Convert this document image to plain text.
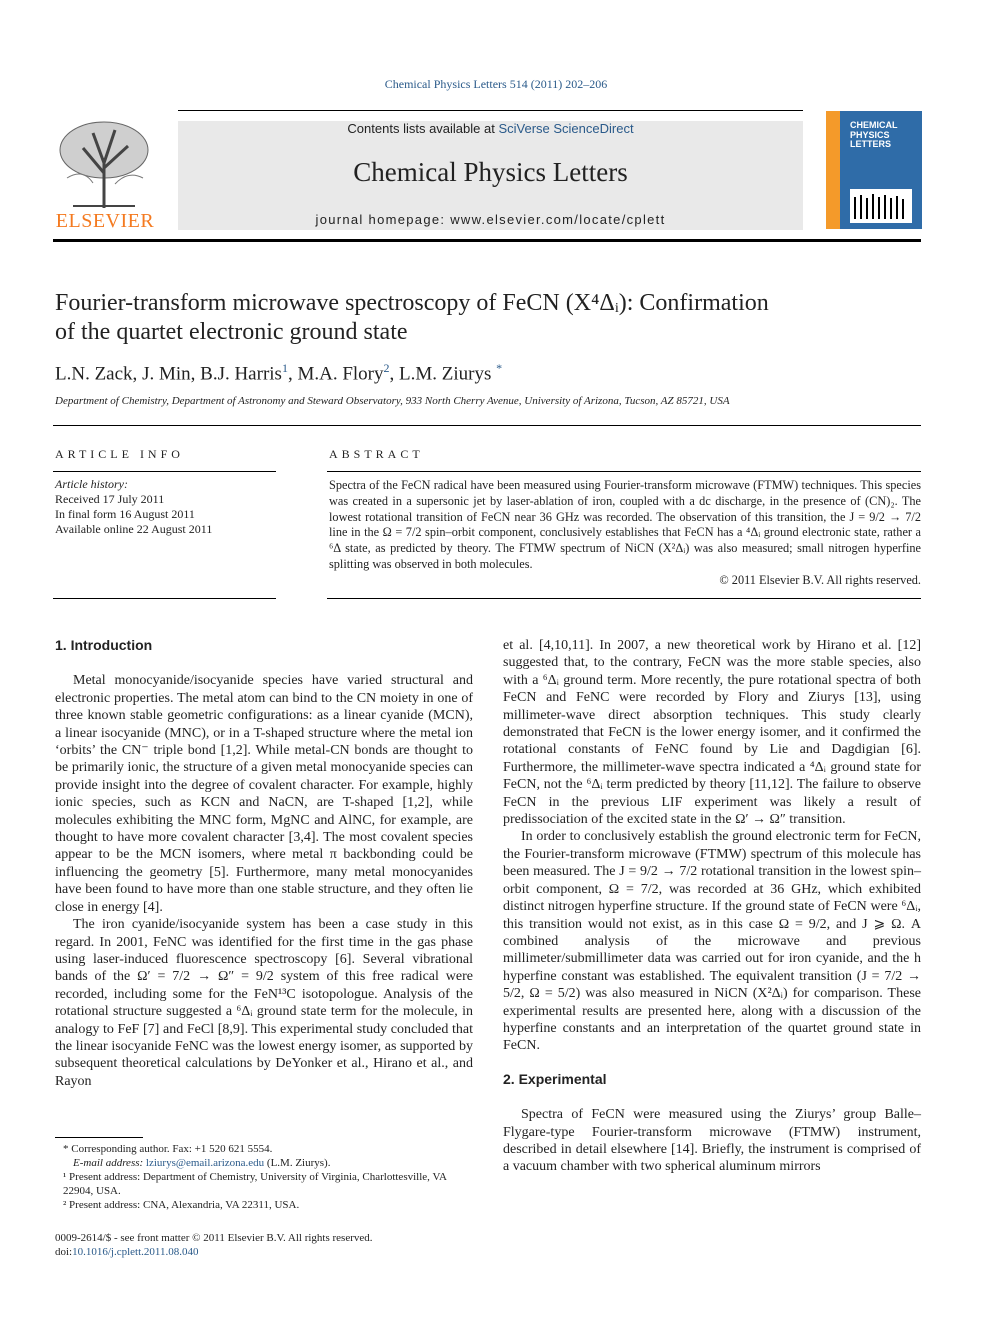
Chemical Physics Letters 514 (2011) 202–206
ELSEVIER
Contents lists available at SciVerse ScienceDirect
Chemical Physics Letters
journal homepage: www.elsevier.com/locate/cplett
CHEMICAL
PHYSICS
LETTERS
Fourier-transform microwave spectroscopy of FeCN (X⁴Δᵢ): Confirmation
of the quartet electronic ground state
L.N. Zack, J. Min, B.J. Harris$^1$, M.A. Flory$^2$, L.M. Ziurys *
Department of Chemistry, Department of Astronomy and Steward Observatory, 933 North Cherry Avenue, University of Arizona, Tucson, AZ 85721, USA
ARTICLE INFO
Article history:
Received 17 July 2011
In final form 16 August 2011
Available online 22 August 2011
ABSTRACT
Spectra of the FeCN radical have been measured using Fourier-transform microwave (FTMW) techniques. This species was created in a supersonic jet by laser-ablation of iron, coupled with a dc discharge, in the presence of (CN)₂. The lowest rotational transition of FeCN near 36 GHz was recorded. The observation of this transition, the J = 9/2 → 7/2 line in the Ω = 7/2 spin–orbit component, conclusively establishes that FeCN has a ⁴Δᵢ ground electronic state, rather a ⁶Δ state, as predicted by theory. The FTMW spectrum of NiCN (X²Δᵢ) was also measured; small nitrogen hyperfine splitting was observed in both molecules.
© 2011 Elsevier B.V. All rights reserved.
1. Introduction

Metal monocyanide/isocyanide species have varied structural and electronic properties. The metal atom can bind to the CN moiety in one of three known stable geometric configurations: as a linear cyanide (MCN), a linear isocyanide (MNC), or in a T-shaped structure where the metal ion ‘orbits’ the CN⁻ triple bond [1,2]. While metal-CN bonds are thought to be primarily ionic, the structure of a given metal monocyanide species can provide insight into the degree of covalent character. For example, highly ionic species, such as KCN and NaCN, are T-shaped [1,2], while molecules exhibiting the MNC form, MgNC and AlNC, for example, are thought to have more covalent character [3,4]. The most covalent species appear to be the MCN isomers, where metal π backbonding could be influencing the geometry [5]. Furthermore, many metal monocyanides have been found to have more than one stable structure, and they often lie close in energy [4].

The iron cyanide/isocyanide system has been a case study in this regard. In 2001, FeNC was identified for the first time in the gas phase using laser-induced fluorescence spectroscopy [6]. Several vibrational bands of the Ω′ = 7/2 → Ω″ = 9/2 system of this free radical were recorded, including some for the FeN¹³C isotopologue. Analysis of the rotational structure suggested a ⁶Δᵢ ground state term for the molecule, in analogy to FeF [7] and FeCl [8,9]. This experimental study concluded that the linear isocyanide FeNC was the lowest energy isomer, as supported by subsequent theoretical calculations by DeYonker et al., Hirano et al., and Rayon

et al. [4,10,11]. In 2007, a new theoretical work by Hirano et al. [12] suggested that, to the contrary, FeCN was the more stable species, also with a ⁶Δᵢ ground term. More recently, the pure rotational spectra of both FeCN and FeNC were recorded by Flory and Ziurys [13], using millimeter-wave direct absorption techniques. This study clearly demonstrated that FeCN is the lower energy isomer, and it confirmed the rotational constants of FeNC found by Lie and Dagdigian [6]. Furthermore, the millimeter-wave spectra indicated a ⁴Δᵢ ground state for FeCN, not the ⁶Δᵢ term predicted by theory [11,12]. The failure to observe FeCN in the previous LIF experiment was likely a result of predissociation of the excited state in the Ω′ → Ω″ transition.

In order to conclusively establish the ground electronic term for FeCN, the Fourier-transform microwave (FTMW) spectrum of this molecule has been measured. The J = 9/2 → 7/2 rotational transition in the lowest spin–orbit component, Ω = 7/2, was recorded at 36 GHz, which exhibited distinct nitrogen hyperfine structure. If the ground state of FeCN were ⁶Δᵢ, this transition would not exist, as in this case Ω = 9/2, and J ⩾ Ω. A combined analysis of the microwave and previous millimeter/submillimeter data was carried out for iron cyanide, and the h hyperfine constant was established. The equivalent transition (J = 7/2 → 5/2, Ω = 5/2) was also measured in NiCN (X²Δᵢ) for comparison. These experimental results are presented here, along with a discussion of the hyperfine constants and an interpretation of the quartet ground state in FeCN.

2. Experimental

Spectra of FeCN were measured using the Ziurys’ group Balle–Flygare-type Fourier-transform microwave (FTMW) instrument, described in detail elsewhere [14]. Briefly, the instrument is comprised of a vacuum chamber with two spherical aluminum mirrors

* Corresponding author. Fax: +1 520 621 5554.
E-mail address: lziurys@email.arizona.edu (L.M. Ziurys).
¹ Present address: Department of Chemistry, University of Virginia, Charlottesville, VA 22904, USA.
² Present address: CNA, Alexandria, VA 22311, USA.
0009-2614/$ - see front matter © 2011 Elsevier B.V. All rights reserved.
doi:10.1016/j.cplett.2011.08.040
